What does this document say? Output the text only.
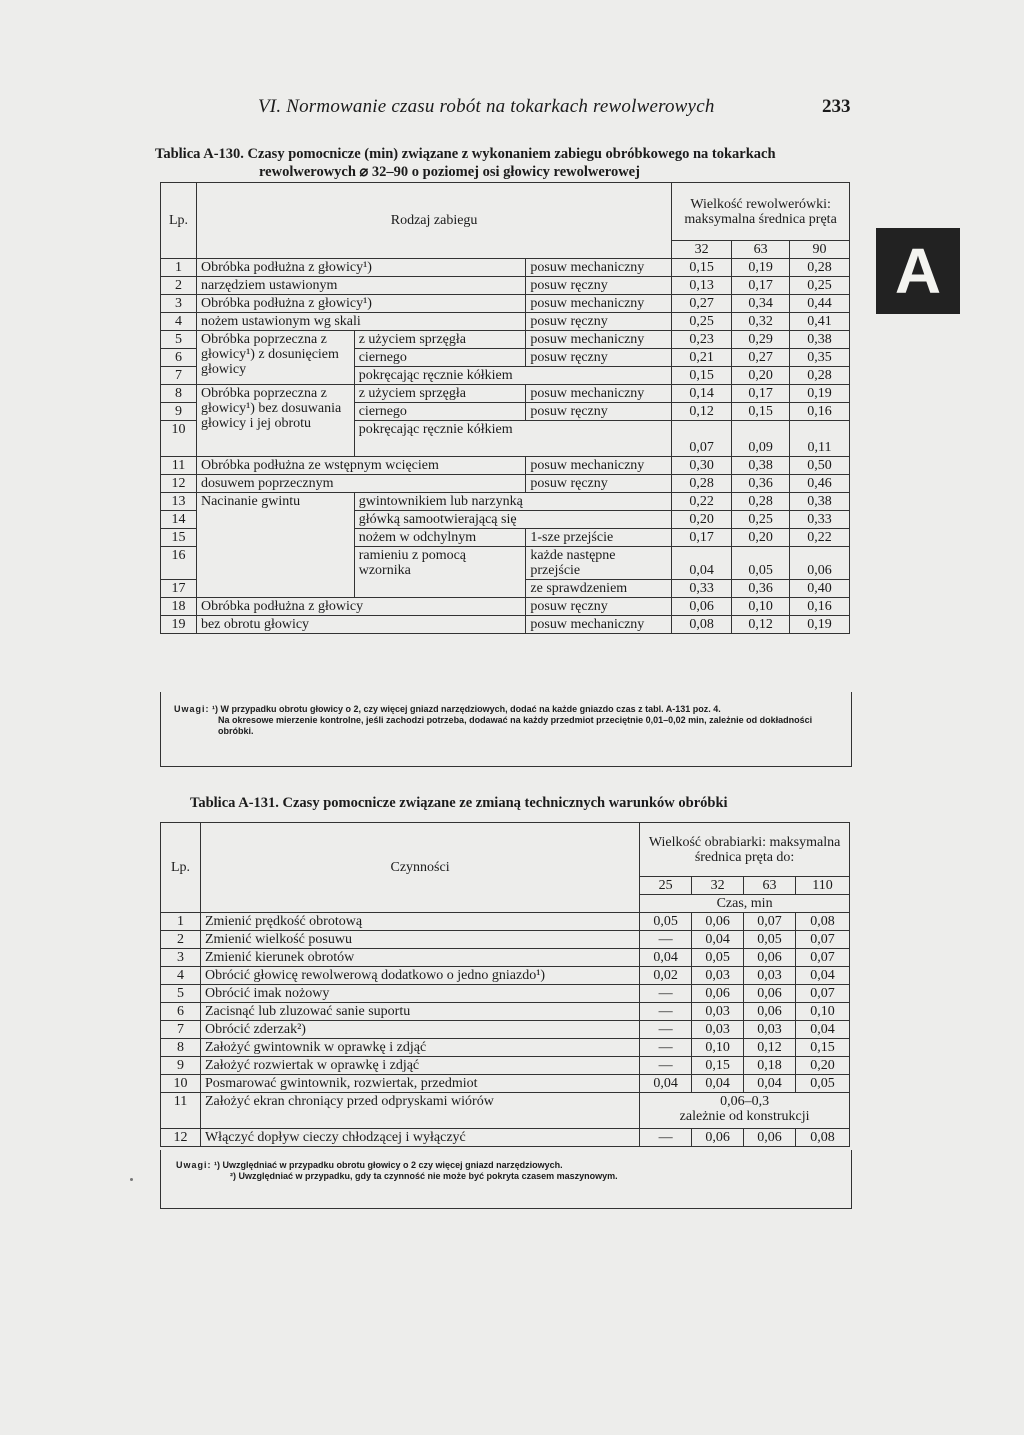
VI. Normowanie czasu robót na tokarkach rewolwerowych	233
A
Tablica A-130. Czasy pomocnicze (min) związane z wykonaniem zabiegu obróbkowego na tokarkach
rewolwerowych ⌀ 32–90 o poziomej osi głowicy rewolwerowej
Lp.	Rodzaj zabiegu			Wielkość rewolwerówki: maksymalna średnica pręta		
				32	63	90
1	Obróbka podłużna z głowicy¹)		posuw mechaniczny	0,15	0,19	0,28
2	narzędziem ustawionym		posuw ręczny	0,13	0,17	0,25
3	Obróbka podłużna z głowicy¹)		posuw mechaniczny	0,27	0,34	0,44
4	nożem ustawionym wg skali		posuw ręczny	0,25	0,32	0,41
5	Obróbka poprzeczna z głowicy¹) z dosunięciem głowicy	z użyciem sprzęgła	posuw mechaniczny	0,23	0,29	0,38
6		ciernego	posuw ręczny	0,21	0,27	0,35
7		pokręcając ręcznie kółkiem		0,15	0,20	0,28
8	Obróbka poprzeczna z głowicy¹) bez dosuwania głowicy i jej obrotu	z użyciem sprzęgła	posuw mechaniczny	0,14	0,17	0,19
9		ciernego	posuw ręczny	0,12	0,15	0,16
10		pokręcając ręcznie kółkiem		0,07	0,09	0,11
11	Obróbka podłużna ze wstępnym wcięciem		posuw mechaniczny	0,30	0,38	0,50
12	dosuwem poprzecznym		posuw ręczny	0,28	0,36	0,46
13	Nacinanie gwintu	gwintownikiem lub narzynką		0,22	0,28	0,38
14		główką samootwierającą się		0,20	0,25	0,33
15		nożem w odchylnym	1-sze przejście	0,17	0,20	0,22
16		ramieniu z pomocą wzornika	każde następne przejście	0,04	0,05	0,06
17			ze sprawdzeniem	0,33	0,36	0,40
18	Obróbka podłużna z głowicy		posuw ręczny	0,06	0,10	0,16
19	bez obrotu głowicy		posuw mechaniczny	0,08	0,12	0,19
Uwagi: ¹) W przypadku obrotu głowicy o 2, czy więcej gniazd narzędziowych, dodać na każde gniazdo czas z tabl. A-131 poz. 4.
Na okresowe mierzenie kontrolne, jeśli zachodzi potrzeba, dodawać na każdy przedmiot przeciętnie 0,01–0,02 min, zależnie od dokładności obróbki.
Tablica A-131. Czasy pomocnicze związane ze zmianą technicznych warunków obróbki
Lp.	Czynności	Wielkość obrabiarki: maksymalna średnica pręta do:			
		25	32	63	110
		Czas, min			
1	Zmienić prędkość obrotową	0,05	0,06	0,07	0,08
2	Zmienić wielkość posuwu	—	0,04	0,05	0,07
3	Zmienić kierunek obrotów	0,04	0,05	0,06	0,07
4	Obrócić głowicę rewolwerową dodatkowo o jedno gniazdo¹)	0,02	0,03	0,03	0,04
5	Obrócić imak nożowy	—	0,06	0,06	0,07
6	Zacisnąć lub zluzować sanie suportu	—	0,03	0,06	0,10
7	Obrócić zderzak²)	—	0,03	0,03	0,04
8	Założyć gwintownik w oprawkę i zdjąć	—	0,10	0,12	0,15
9	Założyć rozwiertak w oprawkę i zdjąć	—	0,15	0,18	0,20
10	Posmarować gwintownik, rozwiertak, przedmiot	0,04	0,04	0,04	0,05
11	Założyć ekran chroniący przed odpryskami wiórów	0,06–0,3
zależnie od konstrukcji			

12	Włączyć dopływ cieczy chłodzącej i wyłączyć	—	0,06	0,06	0,08
Uwagi: ¹) Uwzględniać w przypadku obrotu głowicy o 2 czy więcej gniazd narzędziowych.
²) Uwzględniać w przypadku, gdy ta czynność nie może być pokryta czasem maszynowym.
